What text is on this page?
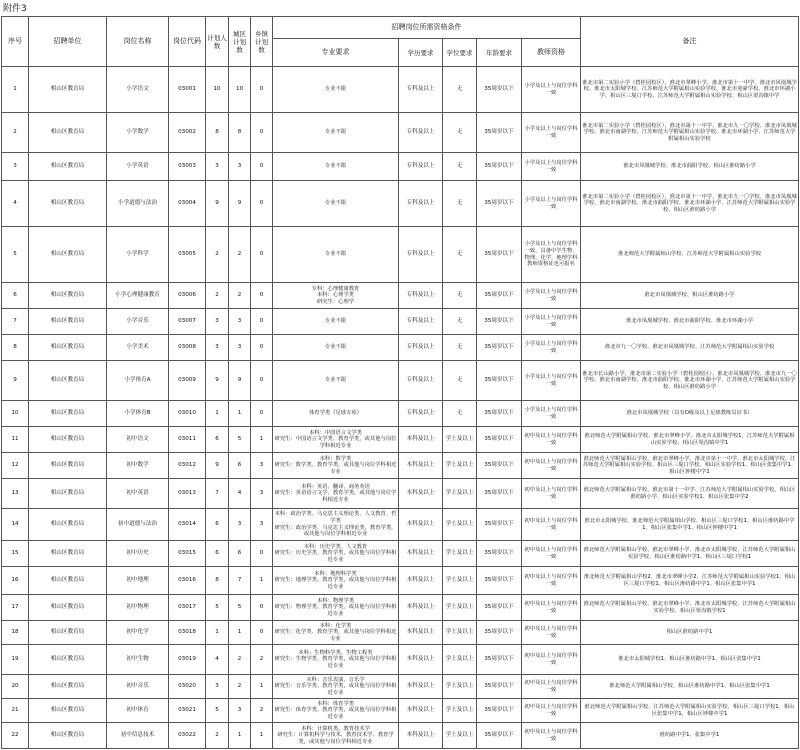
附件3
序号	招聘单位	岗位名称	岗位代码	计划人数	城区计划数	乡镇计划数	招聘岗位所需资格条件					备注
							专业要求	学历要求	学位要求	年龄要求	教师资格	
1	相山区教育局	小学语文	03001	10	10	0	专业不限	专科及以上	无	35周岁以下	小学及以上与岗位学科一致	淮北市第二实验小学（碧桂园校区）、淮北市翠峰小学、淮北市第十一中学、淮北市风凰城学校、淮北市太阳城学校、江苏师范大学附属相山实验学校、淮北市迎豪学校、淮北市环湖小学、相山区三堤口学校、江苏师范大学附属相山实验学校、相山区渠沟镇中学
2	相山区教育局	小学数学	03002	8	8	0	专业不限	专科及以上	无	35周岁以下	小学及以上与岗位学科一致	淮北市第二实验小学（碧桂园校区）、淮北市第十一中学、淮北市九一〇学校、淮北市凤凰城学校、淮北市南湖学校、江苏师范大学附属相山实验学校、淮北市环湖小学、江苏师范大学附属相山实验学校
3	相山区教育局	小学英语	03003	3	3	0	专业不限	专科及以上	无	35周岁以下	小学及以上与岗位学科一致	淮北市凤凰城学校、淮北市曲阳学校、相山区淮纺路小学
4	相山区教育局	小学道德与法治	03004	9	9	0	专业不限	专科及以上	无	35周岁以下	小学及以上与岗位学科一致	淮北市第二实验小学（碧桂园校区）、淮北市第十一中学、淮北市九一〇学校、淮北市凤凰城学校、淮北市南湖学校、淮北市曲阳学校、淮北市环湖小学、江苏师范大学附属相山实验学校、相山区淮纺路小学
5	相山区教育局	小学科学	03005	2	2	0	专业不限	专科及以上	无	35周岁以下	小学及以上与岗位学科一致，具备中学生物、物理、化学、地理学科教师资格证也可报名	淮北师范大学附属相山学校、江苏师范大学附属相山实验学校
6	相山区教育局	小学心理健康教育	03006	2	2	0	专科：心理健康教育
本科：心理学类
研究生：心理学	专科及以上	无	35周岁以下	小学及以上与岗位学科一致	淮北市凤凰城学校、相山区淮纺路小学
7	相山区教育局	小学音乐	03007	3	3	0	专业不限	专科及以上	无	35周岁以下	小学及以上与岗位学科一致	淮北市凤凰城学校、淮北市曲阳学校、淮北市环湖小学
8	相山区教育局	小学美术	03008	3	3	0	专业不限	专科及以上	无	35周岁以下	小学及以上与岗位学科一致	淮北市九一〇学校、淮北市凤凰城学校、江苏师范大学附属相山实验学校
9	相山区教育局	小学体育A	03009	9	9	0	专业不限	专科及以上	无	35周岁以下	小学及以上与岗位学科一致	淮北市长山路小学、淮北市第二实验小学（碧桂园校区）、淮北市凤凰城学校、淮北市九一〇学校、淮北市南湖学校、淮北市曲阳学校、淮北市环湖小学、江苏师范大学附属相山实验学校、相山区淮纺路小学
10	相山区教育局	小学体育B	03010	1	1	0	体育学类（足球专项）	专科及以上	无	35周岁以下	小学及以上与岗位学科一致	淮北市凤凰城学校（具有D级及以上足球教练员证书）
11	相山区教育局	初中语文	03011	6	5	1	本科：中国语言文学类
研究生：中国语言文学类、教育学类，或其他与岗位学科相近专业	本科及以上	学士及以上	35周岁以下	初中及以上与岗位学科一致	淮北师范大学附属相山学校、淮北市翠峰小学、淮北市太阳城学校1、江苏师范大学附属相山实验学校、相山区渠沟镇中学1
12	相山区教育局	初中数学	03012	9	6	3	本科：数学类
研究生：数学类、教育学类，或其他与岗位学科相近专业	本科及以上	学士及以上	35周岁以下	初中及以上与岗位学科一致	淮北师范大学附属相山学校、淮北市翠峰小学、淮北市第十一中学、淮北市太阳城学校、江苏师范大学附属相山实验学校、相山区三堤口学校、相山区实验学校1、相山区张集中学1、相山区钟楼中学1
13	相山区教育局	初中英语	03013	7	4	3	本科：英语、翻译、商务英语
研究生：英语语言文学、教育学类，或其他与岗位学科相近专业	本科及以上	学士及以上	35周岁以下	初中及以上与岗位学科一致	淮北师范大学附属相山学校、淮北市第十一中学、江苏师范大学附属相山实验学校、相山区淮纺路小学、相山区实验学校1、相山区张集中学2
14	相山区教育局	初中道德与法治	03014	6	3	3	本科：政治学类、马克思主义理论类、人文教育、哲学类
研究生：政治学类、马克思主义理论类、教育学类，或其他与岗位学科相近专业	本科及以上	学士及以上	35周岁以下	初中及以上与岗位学科一致	淮北市太阳城学校、淮北师范大学附属相山学校、相山区三堤口学校1、相山区淮纺路中学1、相山区张集中学1、相山区钟楼中学1
15	相山区教育局	初中历史	03015	6	6	0	本科：历史学类、人文教育
研究生：历史学类、教育学类，或其他与岗位学科相近专业	本科及以上	学士及以上	35周岁以下	初中及以上与岗位学科一致	淮北师范大学附属相山学校、淮北市翠峰小学、淮北市太阳城学校、江苏师范大学附属相山实验学校、相山区淮纺路中学1、相山区三堤口学校1
16	相山区教育局	初中地理	03016	8	7	1	本科：地理科学类
研究生：地理学类、教育学类，或其他与岗位学科相近专业	本科及以上	学士及以上	35周岁以下	初中及以上与岗位学科一致	淮北师范大学附属相山学校2、淮北市翠峰小学2、江苏师范大学附属相山实验学校1、相山区三堤口学校1、相山区淮纺路中学1、相山区张集中学1
17	相山区教育局	初中物理	03017	5	5	0	本科：物理学类
研究生：物理学类、教育学类，或其他与岗位学科相近专业	本科及以上	学士及以上	35周岁以下	初中及以上与岗位学科一致	淮北师范大学附属相山学校、淮北市翠峰小学、淮北市太阳城学校、江苏师范大学附属相山实验学校、相山区渠沟镇学校1
18	相山区教育局	初中化学	03018	1	1	0	本科：化学类
研究生：化学类、教育学类，或其他与岗位学科相近专业	本科及以上	学士及以上	35周岁以下	初中及以上与岗位学科一致	相山区淮纺路中学1
19	相山区教育局	初中生物	03019	4	2	2	本科：生物科学类、生物工程类
研究生：生物学类、教育学类，或其他与岗位学科相近专业	本科及以上	学士及以上	35周岁以下	初中及以上与岗位学科一致	淮北市太阳城学校1、相山区淮纺路中学1、相山区张集中学1
20	相山区教育局	初中音乐	03020	3	2	1	本科：音乐表演、音乐学
研究生：音乐学类、教育学类，或其他与岗位学科相近专业	本科及以上	学士及以上	35周岁以下	初中及以上与岗位学科一致	淮北师范大学附属相山学校、相山区淮纺路中学1、相山区张集中学1
21	相山区教育局	初中体育	03021	5	3	2	本科：体育学类
研究生：体育学类、教育学类，或其他与岗位学科相近专业	本科及以上	学士及以上	35周岁以下	初中及以上与岗位学科一致	淮北师范大学附属相山学校、江苏师范大学附属相山实验学校、相山区三堤口学校1、相山区张集中学1、相山区钟楼中学1
22	相山区教育局	初中信息技术	03022	2	1	1	本科：计算机类、教育技术学
研究生：计算机科学与技术、教育技术学、教育学类，或其他与岗位学科相近专业	本科及以上	学士及以上	35周岁以下	初中及以上与岗位学科一致	淮纺路中学1、张集中学1
